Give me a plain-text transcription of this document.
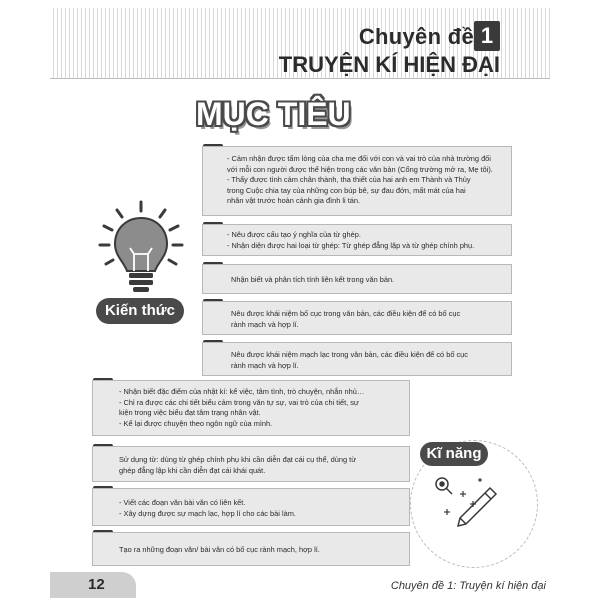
Chuyên đề 1
TRUYỆN KÍ HIỆN ĐẠI
MỤC TIÊU
Kiến thức
- Cảm nhận được tấm lòng của cha mẹ đối với con và vai trò của nhà trường đối
với mỗi con người được thể hiện trong các văn bản (Cổng trường mở ra, Mẹ tôi).
- Thấy được tình cảm chân thành, tha thiết của hai anh em Thành và Thủy
trong Cuộc chia tay của những con búp bê, sự đau đớn, mất mát của hai
nhân vật trước hoàn cảnh gia đình li tán.
- Nêu được cấu tạo ý nghĩa của từ ghép.
- Nhận diện được hai loại từ ghép: Từ ghép đẳng lập và từ ghép chính phụ.
Nhận biết và phân tích tính liên kết trong văn bản.
Nêu được khái niệm bố cục trong văn bản, các điều kiện để có bố cục
rành mạch và hợp lí.
Nêu được khái niệm mạch lạc trong văn bản, các điều kiện để có bố cục
rành mạch và hợp lí.
- Nhận biết đặc điểm của nhật kí: kể việc, tâm tình, trò chuyện, nhắn nhủ…
- Chỉ ra được các chi tiết biểu cảm trong văn tự sự, vai trò của chi tiết, sự
kiện trong việc biểu đạt tâm trạng nhân vật.
- Kể lại được chuyện theo ngôn ngữ của mình.
Sử dụng từ: dùng từ ghép chính phụ khi cần diễn đạt cái cụ thể, dùng từ
ghép đẳng lập khi cần diễn đạt cái khái quát.
- Viết các đoạn văn bài văn có liên kết.
- Xây dựng được sự mạch lạc, hợp lí cho các bài làm.
Tạo ra những đoạn văn/ bài văn có bố cục rành mạch, hợp lí.
Kĩ năng
12	Chuyên đề 1: Truyện kí hiện đại
